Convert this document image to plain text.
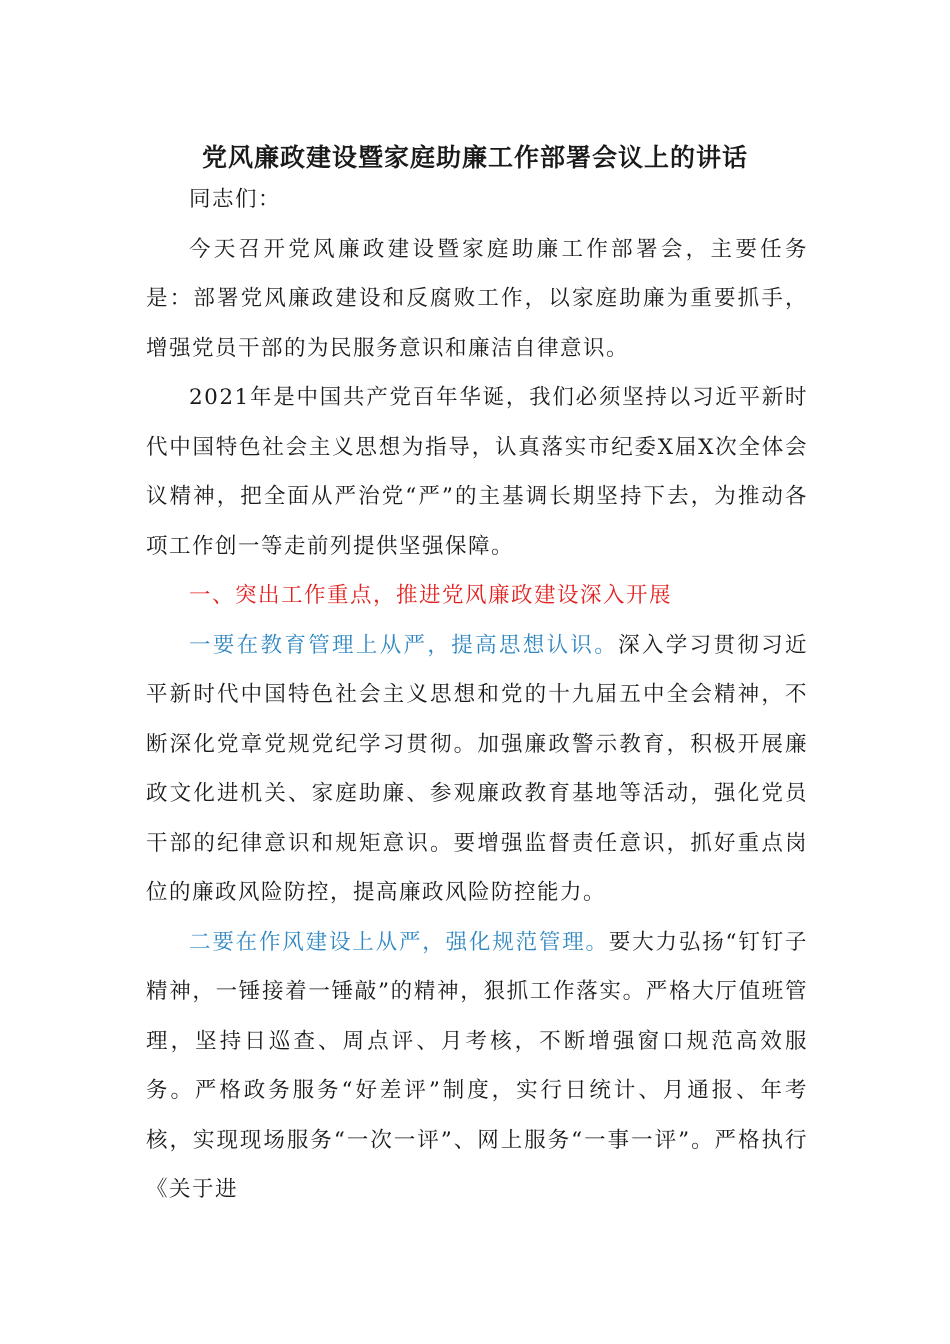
党风廉政建设暨家庭助廉工作部署会议上的讲话

同志们：

今天召开党风廉政建设暨家庭助廉工作部署会，主要任务是：部署党风廉政建设和反腐败工作，以家庭助廉为重要抓手，增强党员干部的为民服务意识和廉洁自律意识。

2021年是中国共产党百年华诞，我们必须坚持以习近平新时代中国特色社会主义思想为指导，认真落实市纪委X届X次全体会议精神，把全面从严治党“严”的主基调长期坚持下去，为推动各项工作创一等走前列提供坚强保障。

一、突出工作重点，推进党风廉政建设深入开展

一要在教育管理上从严，提高思想认识。深入学习贯彻习近平新时代中国特色社会主义思想和党的十九届五中全会精神，不断深化党章党规党纪学习贯彻。加强廉政警示教育，积极开展廉政文化进机关、家庭助廉、参观廉政教育基地等活动，强化党员干部的纪律意识和规矩意识。要增强监督责任意识，抓好重点岗位的廉政风险防控，提高廉政风险防控能力。

二要在作风建设上从严，强化规范管理。要大力弘扬“钉钉子精神，一锤接着一锤敲”的精神，狠抓工作落实。严格大厅值班管理，坚持日巡查、周点评、月考核，不断增强窗口规范高效服务。严格政务服务“好差评”制度，实行日统计、月通报、年考核，实现现场服务“一次一评”、网上服务“一事一评”。严格执行《关于进
